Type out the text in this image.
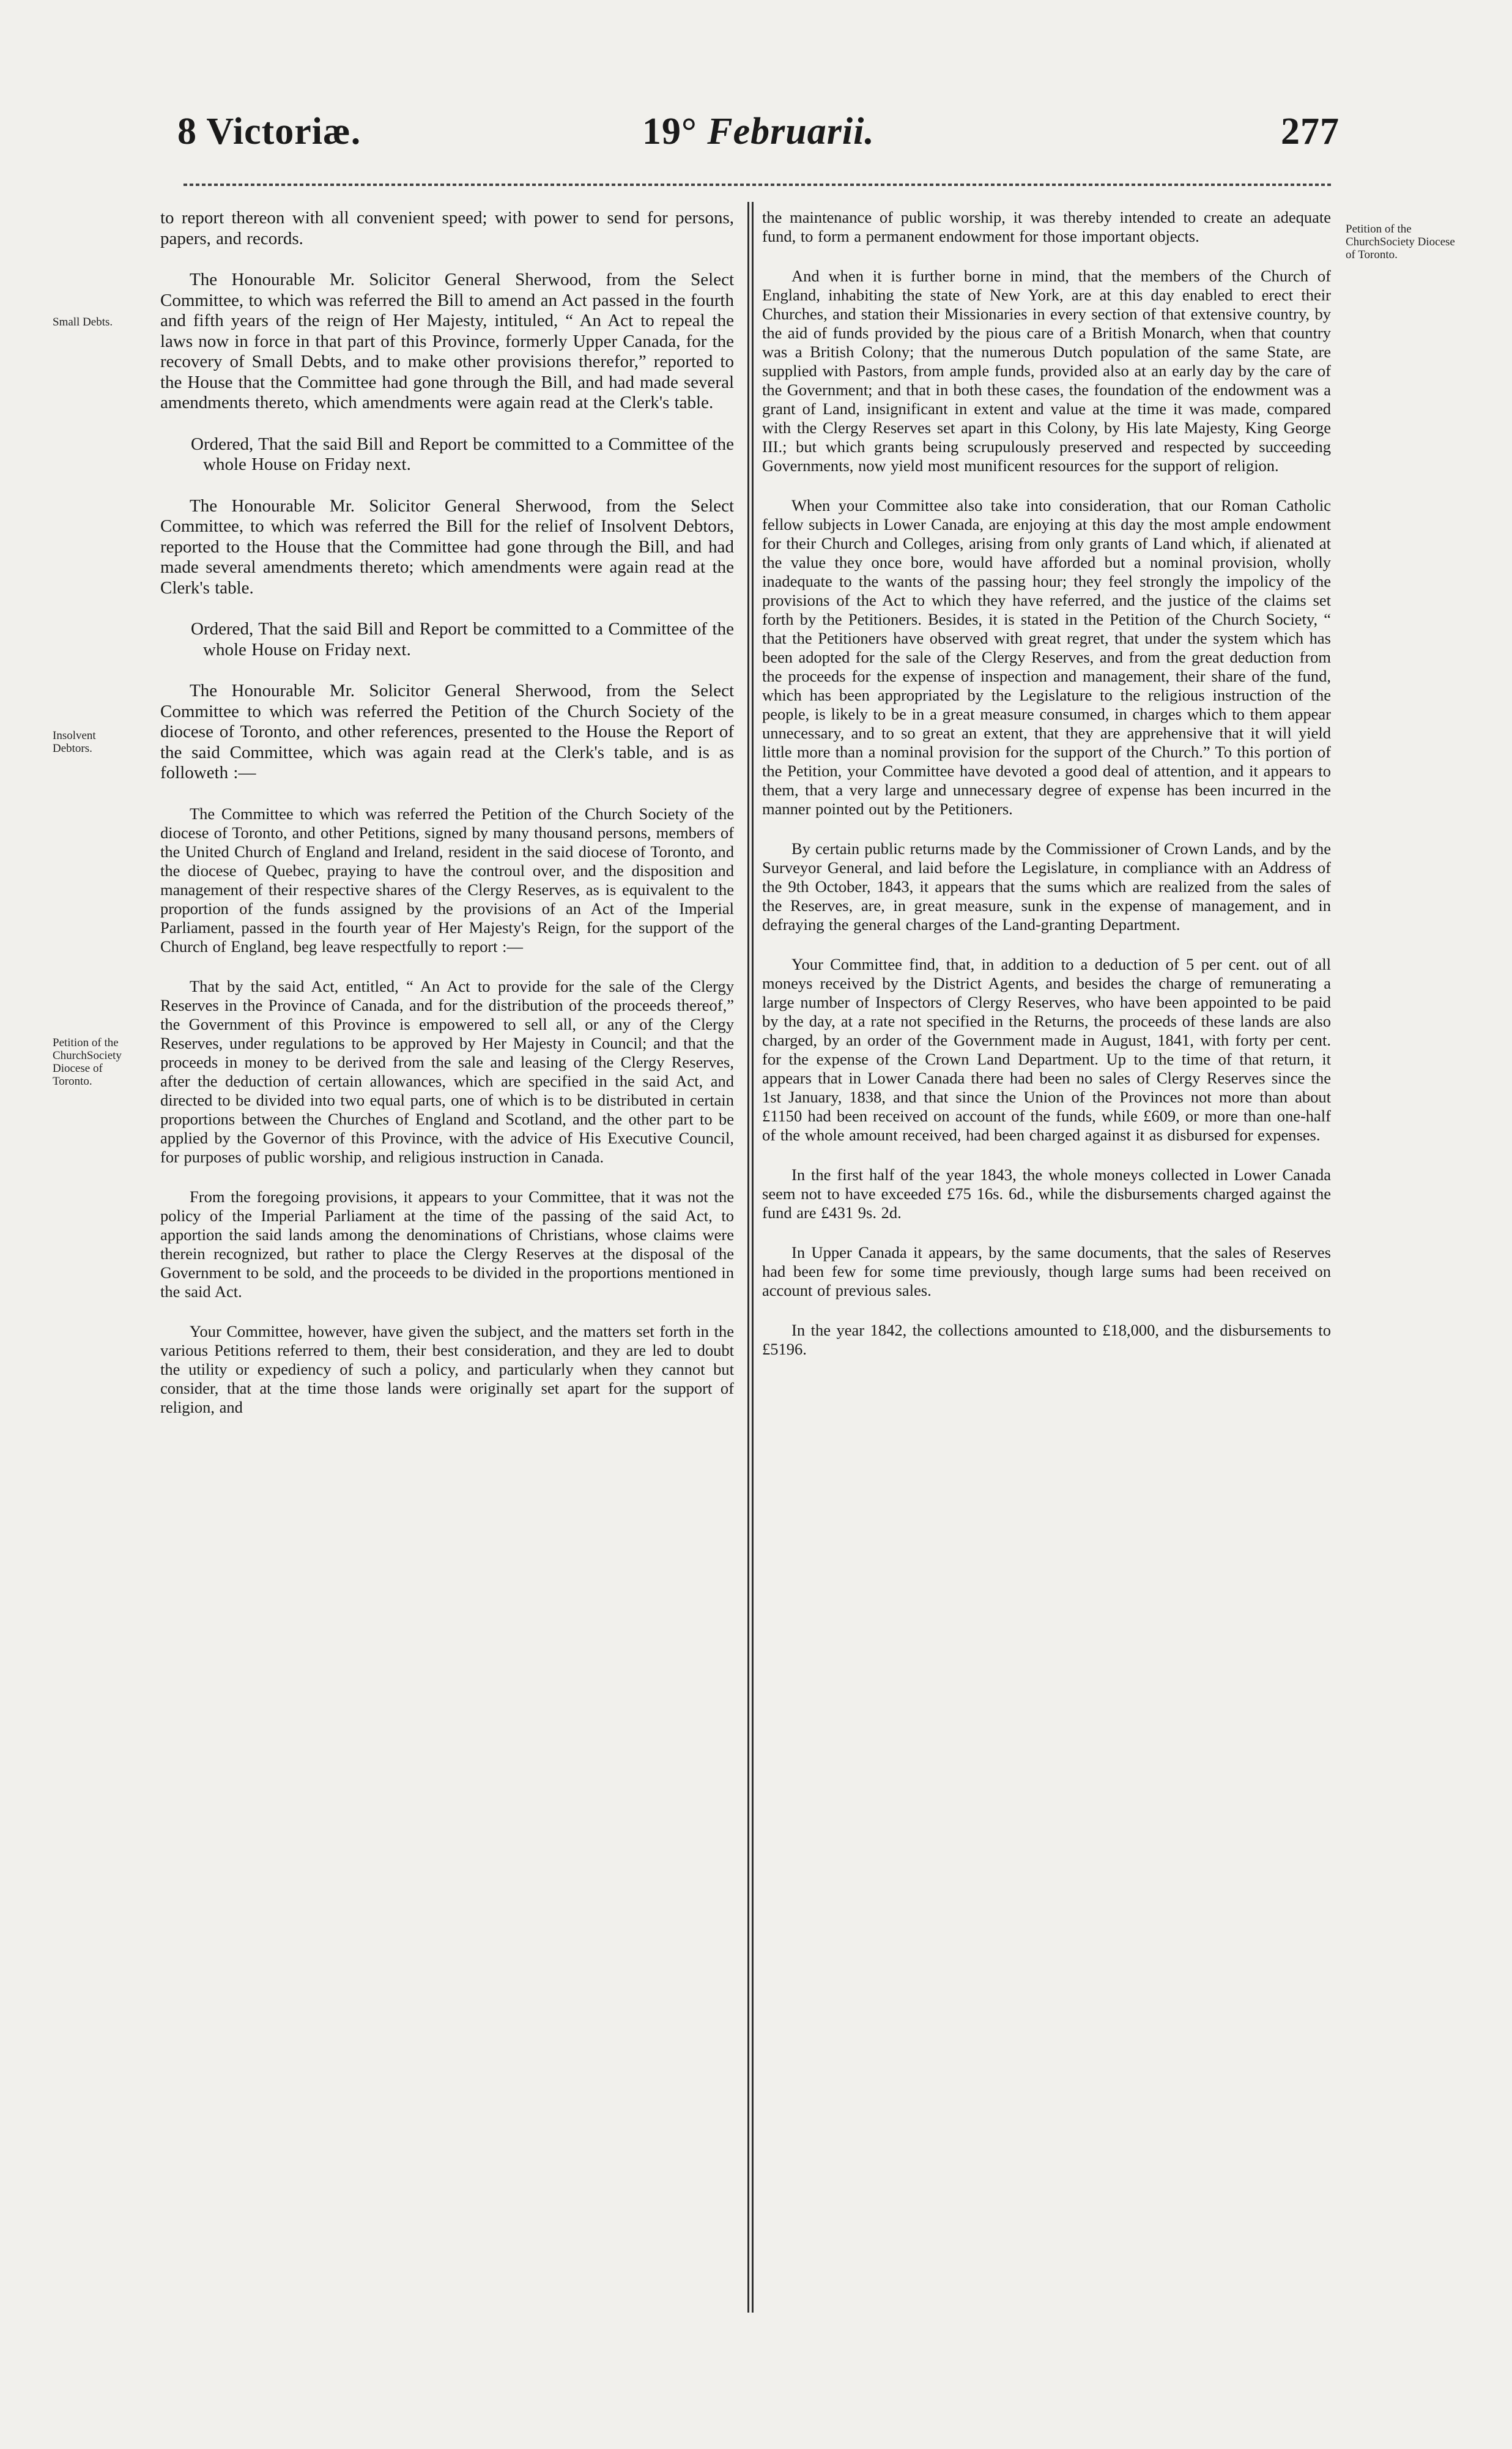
8 Victoriæ.	19° Februarii.	277
Small Debts.
Insolvent Debtors.
Petition of the ChurchSociety Diocese of Toronto.
Petition of the ChurchSociety Diocese of Toronto.

to report thereon with all convenient speed; with power to send for persons, papers, and records.

The Honourable Mr. Solicitor General Sherwood, from the Select Committee, to which was referred the Bill to amend an Act passed in the fourth and fifth years of the reign of Her Majesty, intituled, “ An Act to repeal the laws now in force in that part of this Province, formerly Upper Canada, for the recovery of Small Debts, and to make other provisions therefor,” reported to the House that the Committee had gone through the Bill, and had made several amendments thereto, which amendments were again read at the Clerk's table.

Ordered, That the said Bill and Report be committed to a Committee of the whole House on Friday next.

The Honourable Mr. Solicitor General Sherwood, from the Select Committee, to which was referred the Bill for the relief of Insolvent Debtors, reported to the House that the Committee had gone through the Bill, and had made several amendments thereto; which amendments were again read at the Clerk's table.

Ordered, That the said Bill and Report be committed to a Committee of the whole House on Friday next.

The Honourable Mr. Solicitor General Sherwood, from the Select Committee to which was referred the Petition of the Church Society of the diocese of Toronto, and other references, presented to the House the Report of the said Committee, which was again read at the Clerk's table, and is as followeth :—

The Committee to which was referred the Petition of the Church Society of the diocese of Toronto, and other Petitions, signed by many thousand persons, members of the United Church of England and Ireland, resident in the said diocese of Toronto, and the diocese of Quebec, praying to have the controul over, and the disposition and management of their respective shares of the Clergy Reserves, as is equivalent to the proportion of the funds assigned by the provisions of an Act of the Imperial Parliament, passed in the fourth year of Her Majesty's Reign, for the support of the Church of England, beg leave respectfully to report :—

That by the said Act, entitled, “ An Act to provide for the sale of the Clergy Reserves in the Province of Canada, and for the distribution of the proceeds thereof,” the Government of this Province is empowered to sell all, or any of the Clergy Reserves, under regulations to be approved by Her Majesty in Council; and that the proceeds in money to be derived from the sale and leasing of the Clergy Reserves, after the deduction of certain allowances, which are specified in the said Act, and directed to be divided into two equal parts, one of which is to be distributed in certain proportions between the Churches of England and Scotland, and the other part to be applied by the Governor of this Province, with the advice of His Executive Council, for purposes of public worship, and religious instruction in Canada.

From the foregoing provisions, it appears to your Committee, that it was not the policy of the Imperial Parliament at the time of the passing of the said Act, to apportion the said lands among the denominations of Christians, whose claims were therein recognized, but rather to place the Clergy Reserves at the disposal of the Government to be sold, and the proceeds to be divided in the proportions mentioned in the said Act.

Your Committee, however, have given the subject, and the matters set forth in the various Petitions referred to them, their best consideration, and they are led to doubt the utility or expediency of such a policy, and particularly when they cannot but consider, that at the time those lands were originally set apart for the support of religion, and

the maintenance of public worship, it was thereby intended to create an adequate fund, to form a permanent endowment for those important objects.

And when it is further borne in mind, that the members of the Church of England, inhabiting the state of New York, are at this day enabled to erect their Churches, and station their Missionaries in every section of that extensive country, by the aid of funds provided by the pious care of a British Monarch, when that country was a British Colony; that the numerous Dutch population of the same State, are supplied with Pastors, from ample funds, provided also at an early day by the care of the Government; and that in both these cases, the foundation of the endowment was a grant of Land, insignificant in extent and value at the time it was made, compared with the Clergy Reserves set apart in this Colony, by His late Majesty, King George III.; but which grants being scrupulously preserved and respected by succeeding Governments, now yield most munificent resources for the support of religion.

When your Committee also take into consideration, that our Roman Catholic fellow subjects in Lower Canada, are enjoying at this day the most ample endowment for their Church and Colleges, arising from only grants of Land which, if alienated at the value they once bore, would have afforded but a nominal provision, wholly inadequate to the wants of the passing hour; they feel strongly the impolicy of the provisions of the Act to which they have referred, and the justice of the claims set forth by the Petitioners. Besides, it is stated in the Petition of the Church Society, “ that the Petitioners have observed with great regret, that under the system which has been adopted for the sale of the Clergy Reserves, and from the great deduction from the proceeds for the expense of inspection and management, their share of the fund, which has been appropriated by the Legislature to the religious instruction of the people, is likely to be in a great measure consumed, in charges which to them appear unnecessary, and to so great an extent, that they are apprehensive that it will yield little more than a nominal provision for the support of the Church.” To this portion of the Petition, your Committee have devoted a good deal of attention, and it appears to them, that a very large and unnecessary degree of expense has been incurred in the manner pointed out by the Petitioners.

By certain public returns made by the Commissioner of Crown Lands, and by the Surveyor General, and laid before the Legislature, in compliance with an Address of the 9th October, 1843, it appears that the sums which are realized from the sales of the Reserves, are, in great measure, sunk in the expense of management, and in defraying the general charges of the Land-granting Department.

Your Committee find, that, in addition to a deduction of 5 per cent. out of all moneys received by the District Agents, and besides the charge of remunerating a large number of Inspectors of Clergy Reserves, who have been appointed to be paid by the day, at a rate not specified in the Returns, the proceeds of these lands are also charged, by an order of the Government made in August, 1841, with forty per cent. for the expense of the Crown Land Department. Up to the time of that return, it appears that in Lower Canada there had been no sales of Clergy Reserves since the 1st January, 1838, and that since the Union of the Provinces not more than about £1150 had been received on account of the funds, while £609, or more than one-half of the whole amount received, had been charged against it as disbursed for expenses.

In the first half of the year 1843, the whole moneys collected in Lower Canada seem not to have exceeded £75 16s. 6d., while the disbursements charged against the fund are £431 9s. 2d.

In Upper Canada it appears, by the same documents, that the sales of Reserves had been few for some time previously, though large sums had been received on account of previous sales.

In the year 1842, the collections amounted to £18,000, and the disbursements to £5196.
